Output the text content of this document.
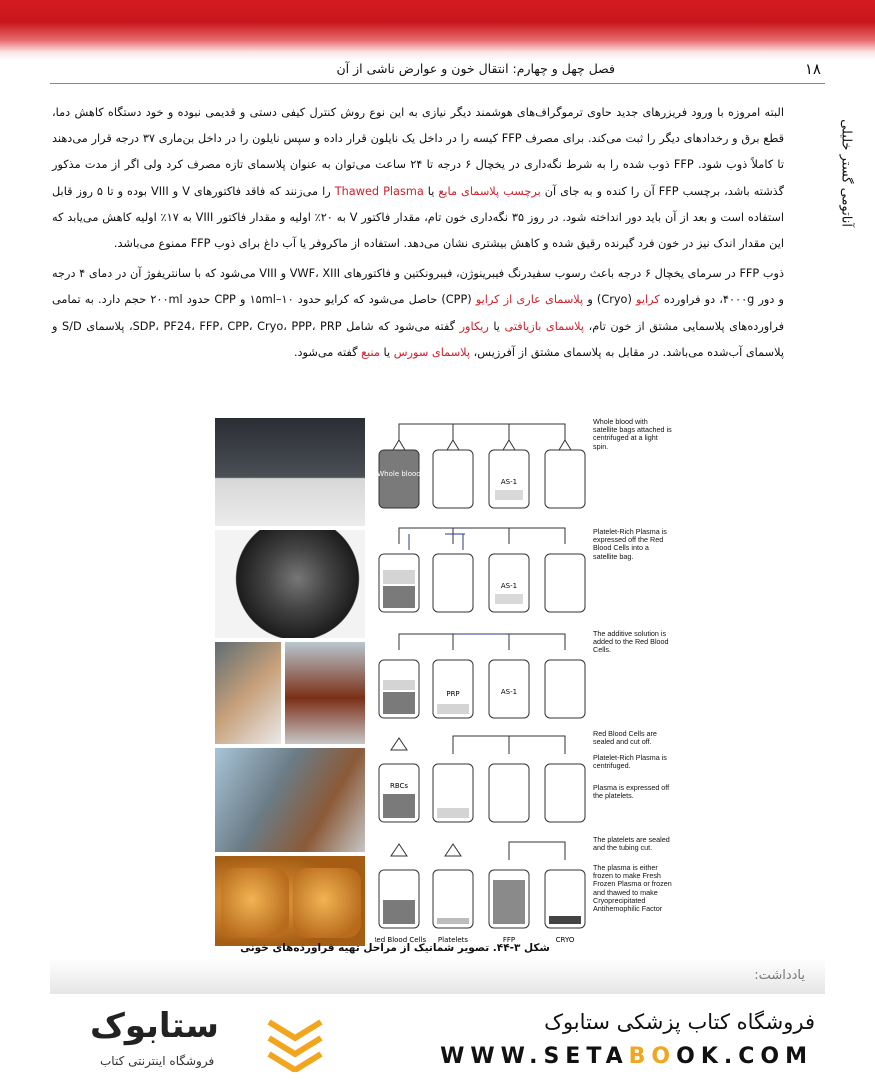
۱۸
فصل چهل و چهارم: انتقال خون و عوارض ناشی از آن
آناتومی گستر خلیلی

البته امروزه با ورود فریزرهای جدید حاوی ترموگراف‌های هوشمند دیگر نیازی به این نوع روش کنترل کیفی دستی و قدیمی نبوده و خود دستگاه کاهش دما، قطع برق و رخدادهای دیگر را ثبت می‌کند. برای مصرف FFP کیسه را در داخل یک نایلون قرار داده و سپس نایلون را در داخل بن‌ماری ۳۷ درجه قرار می‌دهند تا کاملاً ذوب شود. FFP ذوب شده را به شرط نگه‌داری در یخچال ۶ درجه تا ۲۴ ساعت می‌توان به عنوان پلاسمای تازه مصرف کرد ولی اگر از مدت مذکور گذشته باشد، برچسب FFP آن را کنده و به جای آن برچسب پلاسمای مایع یا Thawed Plasma را می‌زنند که فاقد فاکتورهای V و VIII بوده و تا ۵ روز قابل استفاده است و بعد از آن باید دور انداخته شود. در روز ۳۵ نگه‌داری خون تام، مقدار فاکتور V به ۲۰٪ اولیه و مقدار فاکتور VIII به ۱۷٪ اولیه کاهش می‌یابد که این مقدار اندک نیز در خون فرد گیرنده رقیق شده و کاهش بیشتری نشان می‌دهد. استفاده از ماکروفر یا آب داغ برای ذوب FFP ممنوع می‌باشد.

ذوب FFP در سرمای یخچال ۶ درجه باعث رسوب سفیدرنگ فیبرینوژن، فیبرونکتین و فاکتورهای VWF، XIII و VIII می‌شود که با سانتریفوژ آن در دمای ۴ درجه و دور ۴۰۰۰g، دو فراورده کرایو (Cryo) و پلاسمای عاری از کرایو (CPP) حاصل می‌شود که کرایو حدود ۱۵ml–۱۰ و CPP حدود ۲۰۰ml حجم دارد. به تمامی فراورده‌های پلاسمایی مشتق از خون تام، پلاسمای بازیافتی یا ریکاور گفته می‌شود که شامل SDP، PF24، FFP، CPP، Cryo، PPP، PRP، پلاسمای S/D و پلاسمای آب‌شده می‌باشد. در مقابل به پلاسمای مشتق از آفرزیس، پلاسمای سورس یا منبع گفته می‌شود.

Whole blood
AS-1
AS-1
PRP	AS-1
RBCs
Red Blood Cells Platelets	FFP	CRYO
Whole blood with satellite bags attached is centrifuged at a light spin.
Platelet-Rich Plasma is expressed off the Red Blood Cells into a satellite bag.
The additive solution is added to the Red Blood Cells.
Red Blood Cells are sealed and cut off.
Platelet-Rich Plasma is centrifuged.
Plasma is expressed off the platelets.
The platelets are sealed and the tubing cut.
The plasma is either frozen to make Fresh Frozen Plasma or frozen and thawed to make Cryoprecipitated Antihemophilic Factor
شکل ۳-۴۴. تصویر شماتیک از مراحل تهیه فراورده‌های خونی
یادداشت:
ستابوک
فروشگاه اینترنتی کتاب
فروشگاه کتاب پزشکی ستابوک
WWW.SETABOOK.COM
